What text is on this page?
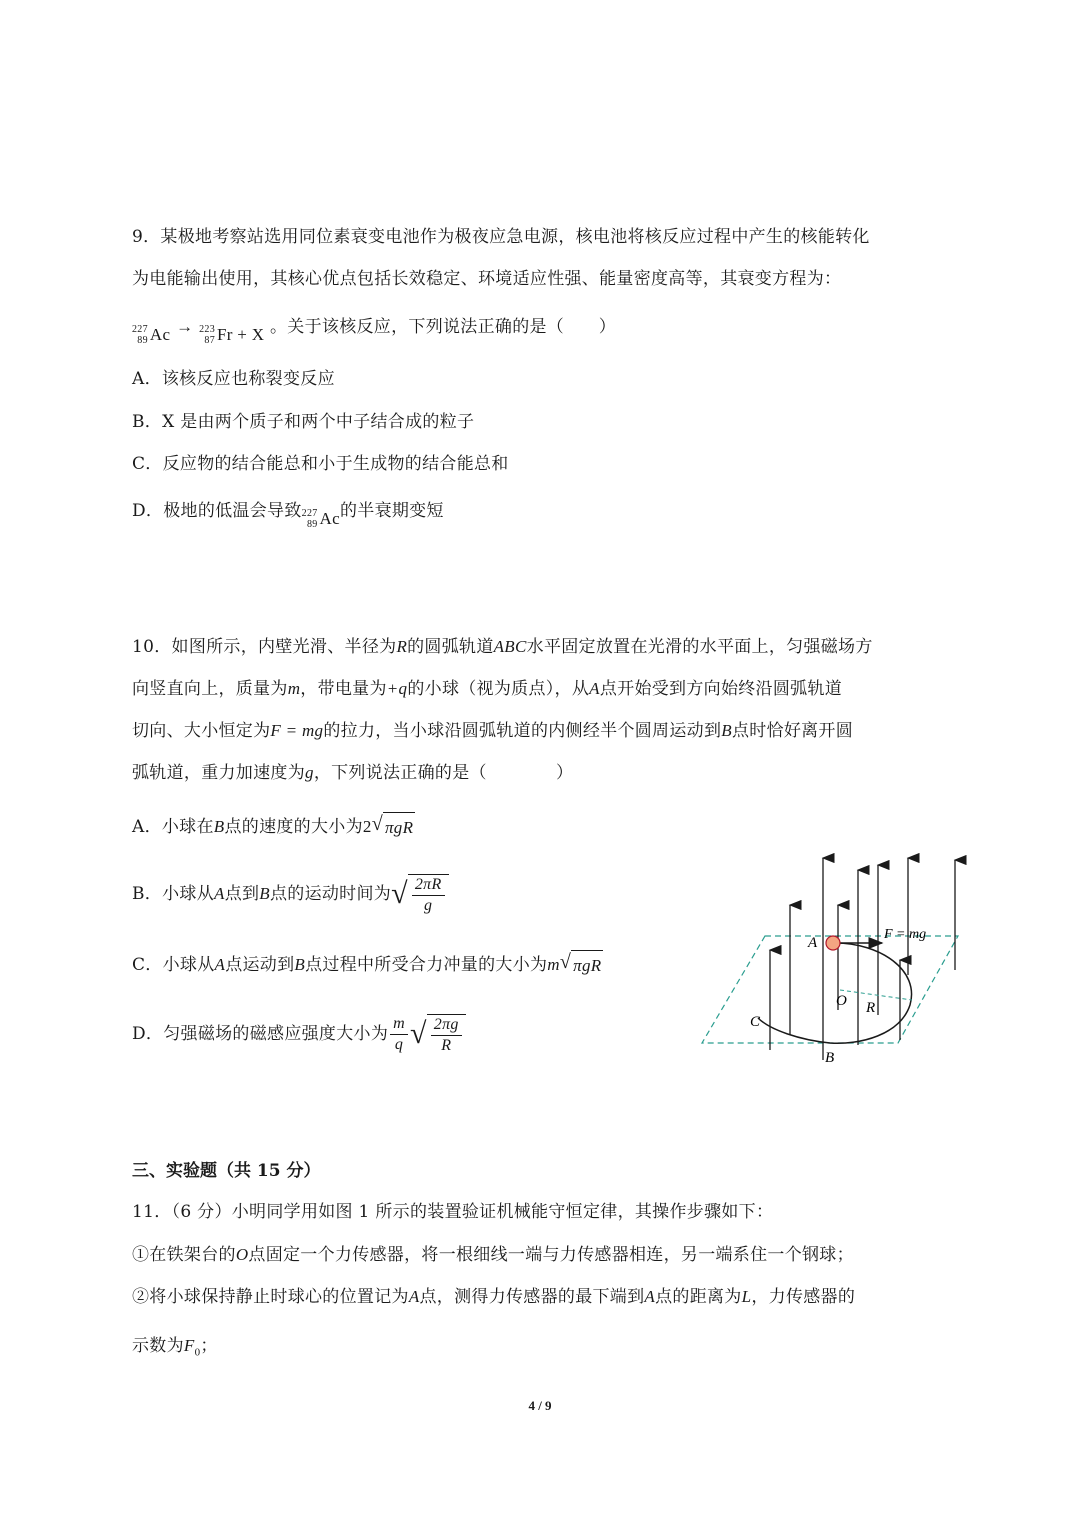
9．某极地考察站选用同位素衰变电池作为极夜应急电源，核电池将核反应过程中产生的核能转化
为电能输出使用，其核心优点包括长效稳定、环境适应性强、能量密度高等，其衰变方程为：
227
89 Ac → 223
87 Fr + X 。关于该核反应，下列说法正确的是（　　）
A．该核反应也称裂变反应
B．X 是由两个质子和两个中子结合成的粒子
C．反应物的结合能总和小于生成物的结合能总和
D．极地的低温会导致 227
89 Ac 的半衰期变短
10．如图所示，内壁光滑、半径为R的圆弧轨道ABC水平固定放置在光滑的水平面上，匀强磁场方
向竖直向上，质量为m，带电量为+q的小球（视为质点），从A点开始受到方向始终沿圆弧轨道
切向、大小恒定为F = mg的拉力，当小球沿圆弧轨道的内侧经半个圆周运动到B点时恰好离开圆
弧轨道，重力加速度为g，下列说法正确的是（　　　　）
A．小球在B点的速度的大小为2 √ πgR
B．小球从A点到B点的运动时间为 √ $\frac{2\pi R}{g}$
C．小球从A点运动到B点过程中所受合力冲量的大小为m √ πgR
D．匀强磁场的磁感应强度大小为 $\frac{m}{q}$ √ $\frac{2\pi g}{R}$
A
F = mg
O R
C
B
三、实验题（共 15 分）
11．（6 分）小明同学用如图 1 所示的装置验证机械能守恒定律，其操作步骤如下：
①在铁架台的O点固定一个力传感器，将一根细线一端与力传感器相连，另一端系住一个钢球；
②将小球保持静止时球心的位置记为A点，测得力传感器的最下端到A点的距离为L，力传感器的
示数为$F_0$；
4 / 9
